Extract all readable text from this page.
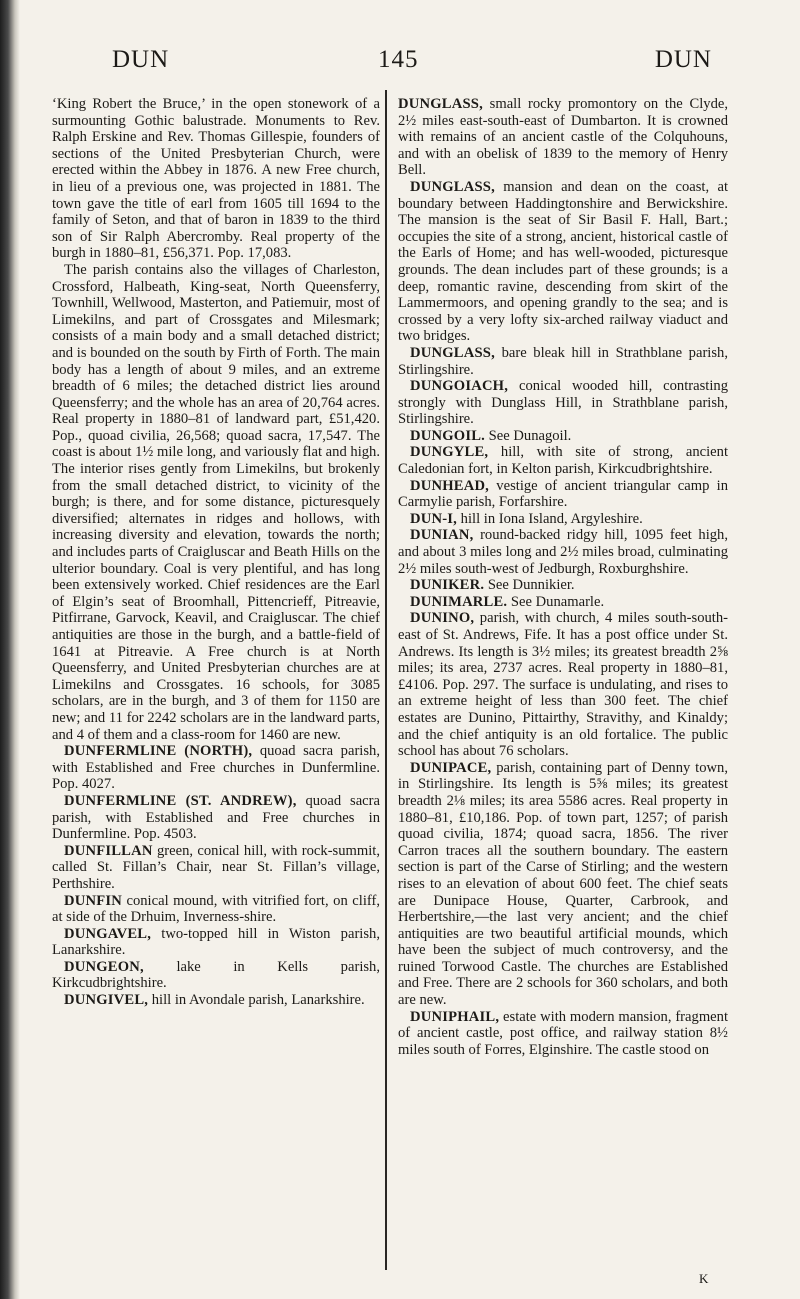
DUN	145	DUN

‘King Robert the Bruce,’ in the open stonework of a surmounting Gothic balustrade. Monuments to Rev. Ralph Erskine and Rev. Thomas Gillespie, founders of sections of the United Presbyterian Church, were erected within the Abbey in 1876. A new Free church, in lieu of a previous one, was projected in 1881. The town gave the title of earl from 1605 till 1694 to the family of Seton, and that of baron in 1839 to the third son of Sir Ralph Abercromby. Real property of the burgh in 1880–81, £56,371. Pop. 17,083.

The parish contains also the villages of Charleston, Crossford, Halbeath, King-seat, North Queensferry, Townhill, Wellwood, Masterton, and Patiemuir, most of Limekilns, and part of Crossgates and Milesmark; consists of a main body and a small detached district; and is bounded on the south by Firth of Forth. The main body has a length of about 9 miles, and an extreme breadth of 6 miles; the detached district lies around Queensferry; and the whole has an area of 20,764 acres. Real property in 1880–81 of landward part, £51,420. Pop., quoad civilia, 26,568; quoad sacra, 17,547. The coast is about 1½ mile long, and variously flat and high. The interior rises gently from Limekilns, but brokenly from the small detached district, to vicinity of the burgh; is there, and for some distance, picturesquely diversified; alternates in ridges and hollows, with increasing diversity and elevation, towards the north; and includes parts of Craigluscar and Beath Hills on the ulterior boundary. Coal is very plentiful, and has long been extensively worked. Chief residences are the Earl of Elgin’s seat of Broomhall, Pittencrieff, Pitreavie, Pitfirrane, Garvock, Keavil, and Craigluscar. The chief antiquities are those in the burgh, and a battle-field of 1641 at Pitreavie. A Free church is at North Queensferry, and United Presbyterian churches are at Limekilns and Crossgates. 16 schools, for 3085 scholars, are in the burgh, and 3 of them for 1150 are new; and 11 for 2242 scholars are in the landward parts, and 4 of them and a class-room for 1460 are new.

DUNFERMLINE (NORTH), quoad sacra parish, with Established and Free churches in Dunfermline. Pop. 4027.

DUNFERMLINE (ST. ANDREW), quoad sacra parish, with Established and Free churches in Dunfermline. Pop. 4503.

DUNFILLAN green, conical hill, with rock-summit, called St. Fillan’s Chair, near St. Fillan’s village, Perthshire.

DUNFIN conical mound, with vitrified fort, on cliff, at side of the Drhuim, Inverness-shire.

DUNGAVEL, two-topped hill in Wiston parish, Lanarkshire.

DUNGEON, lake in Kells parish, Kirkcudbrightshire.

DUNGIVEL, hill in Avondale parish, Lanarkshire.

DUNGLASS, small rocky promontory on the Clyde, 2½ miles east-south-east of Dumbarton. It is crowned with remains of an ancient castle of the Colquhouns, and with an obelisk of 1839 to the memory of Henry Bell.

DUNGLASS, mansion and dean on the coast, at boundary between Haddingtonshire and Berwickshire. The mansion is the seat of Sir Basil F. Hall, Bart.; occupies the site of a strong, ancient, historical castle of the Earls of Home; and has well-wooded, picturesque grounds. The dean includes part of these grounds; is a deep, romantic ravine, descending from skirt of the Lammermoors, and opening grandly to the sea; and is crossed by a very lofty six-arched railway viaduct and two bridges.

DUNGLASS, bare bleak hill in Strathblane parish, Stirlingshire.

DUNGOIACH, conical wooded hill, contrasting strongly with Dunglass Hill, in Strathblane parish, Stirlingshire.

DUNGOIL. See Dunagoil.

DUNGYLE, hill, with site of strong, ancient Caledonian fort, in Kelton parish, Kirkcudbrightshire.

DUNHEAD, vestige of ancient triangular camp in Carmylie parish, Forfarshire.

DUN-I, hill in Iona Island, Argyleshire.

DUNIAN, round-backed ridgy hill, 1095 feet high, and about 3 miles long and 2½ miles broad, culminating 2½ miles south-west of Jedburgh, Roxburghshire.

DUNIKER. See Dunnikier.

DUNIMARLE. See Dunamarle.

DUNINO, parish, with church, 4 miles south-south-east of St. Andrews, Fife. It has a post office under St. Andrews. Its length is 3½ miles; its greatest breadth 2⅝ miles; its area, 2737 acres. Real property in 1880–81, £4106. Pop. 297. The surface is undulating, and rises to an extreme height of less than 300 feet. The chief estates are Dunino, Pittairthy, Stravithy, and Kinaldy; and the chief antiquity is an old fortalice. The public school has about 76 scholars.

DUNIPACE, parish, containing part of Denny town, in Stirlingshire. Its length is 5⅝ miles; its greatest breadth 2⅛ miles; its area 5586 acres. Real property in 1880–81, £10,186. Pop. of town part, 1257; of parish quoad civilia, 1874; quoad sacra, 1856. The river Carron traces all the southern boundary. The eastern section is part of the Carse of Stirling; and the western rises to an elevation of about 600 feet. The chief seats are Dunipace House, Quarter, Carbrook, and Herbertshire,—the last very ancient; and the chief antiquities are two beautiful artificial mounds, which have been the subject of much controversy, and the ruined Torwood Castle. The churches are Established and Free. There are 2 schools for 360 scholars, and both are new.

DUNIPHAIL, estate with modern mansion, fragment of ancient castle, post office, and railway station 8½ miles south of Forres, Elginshire. The castle stood on

K
